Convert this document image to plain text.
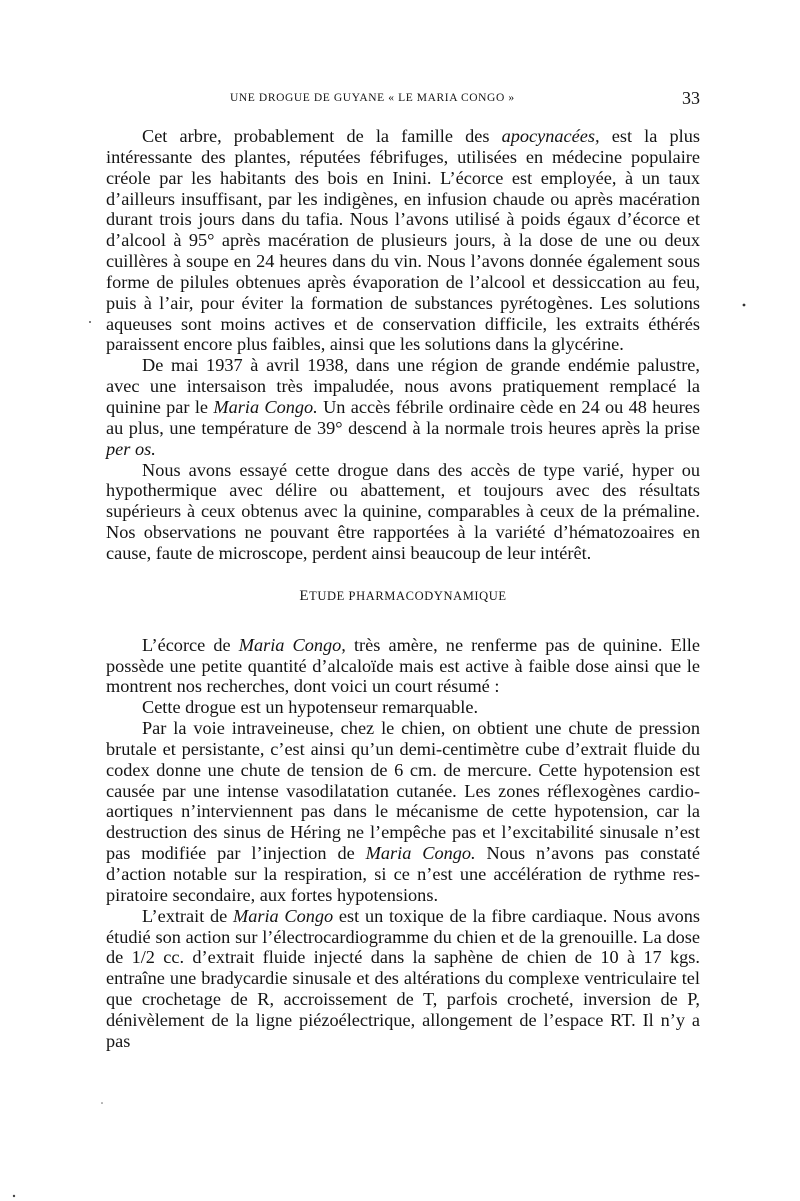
UNE DROGUE DE GUYANE « LE MARIA CONGO »	33

Cet arbre, probablement de la famille des apocynacées, est la plus intéressante des plantes, réputées fébrifuges, utilisées en médecine populaire créole par les habitants des bois en Inini. L’écorce est employée, à un taux d’ailleurs insuffisant, par les indigènes, en infusion chaude ou après macération durant trois jours dans du tafia. Nous l’avons utilisé à poids égaux d’écorce et d’alcool à 95° après macération de plusieurs jours, à la dose de une ou deux cuillères à soupe en 24 heures dans du vin. Nous l’avons donnée également sous forme de pilules obtenues après évaporation de l’alcool et dessiccation au feu, puis à l’air, pour éviter la formation de substances pyrétogènes. Les solutions aqueuses sont moins actives et de conservation difficile, les extraits éthérés paraissent encore plus faibles, ainsi que les solutions dans la glycérine.

De mai 1937 à avril 1938, dans une région de grande endémie palustre, avec une intersaison très impaludée, nous avons pratiquement remplacé la quinine par le Maria Congo. Un accès fébrile ordinaire cède en 24 ou 48 heures au plus, une température de 39° descend à la normale trois heures après la prise per os.

Nous avons essayé cette drogue dans des accès de type varié, hyper ou hypothermique avec délire ou abattement, et toujours avec des résultats supérieurs à ceux obtenus avec la quinine, comparables à ceux de la prémaline. Nos observations ne pouvant être rapportées à la variété d’hématozoaires en cause, faute de microscope, perdent ainsi beaucoup de leur intérêt.

ETUDE PHARMACODYNAMIQUE

L’écorce de Maria Congo, très amère, ne renferme pas de quinine. Elle possède une petite quantité d’alcaloïde mais est active à faible dose ainsi que le montrent nos recherches, dont voici un court résumé :

Cette drogue est un hypotenseur remarquable.

Par la voie intraveineuse, chez le chien, on obtient une chute de pression brutale et persistante, c’est ainsi qu’un demi-centimètre cube d’extrait fluide du codex donne une chute de tension de 6 cm. de mercure. Cette hypotension est causée par une intense vasodilatation cutanée. Les zones réflexogènes cardio-aortiques n’interviennent pas dans le mécanisme de cette hypotension, car la destruction des sinus de Héring ne l’empêche pas et l’excitabilité sinusale n’est pas modifiée par l’injection de Maria Congo. Nous n’avons pas constaté d’action notable sur la respiration, si ce n’est une accélération de rythme respiratoire secondaire, aux fortes hypotensions.

L’extrait de Maria Congo est un toxique de la fibre cardiaque. Nous avons étudié son action sur l’électrocardiogramme du chien et de la grenouille. La dose de 1/2 cc. d’extrait fluide injecté dans la saphène de chien de 10 à 17 kgs. entraîne une bradycardie sinusale et des altérations du complexe ventriculaire tel que crochetage de R, accroissement de T, parfois crocheté, inversion de P, dénivèlement de la ligne piézoélectrique, allongement de l’espace RT. Il n’y a pas
